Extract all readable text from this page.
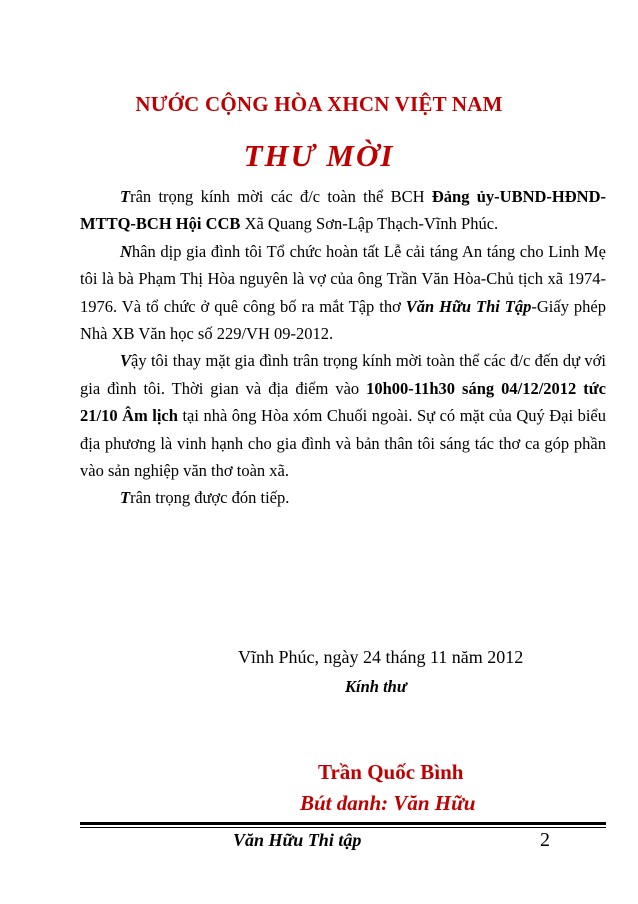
NƯỚC CỘNG HÒA XHCN VIỆT NAM
THƯ MỜI

Trân trọng kính mời các đ/c toàn thể BCH Đảng ủy-UBND-HĐND-MTTQ-BCH Hội CCB Xã Quang Sơn-Lập Thạch-Vĩnh Phúc.

Nhân dịp gia đình tôi Tổ chức hoàn tất Lễ cải táng An táng cho Linh Mẹ tôi là bà Phạm Thị Hòa nguyên là vợ của ông Trần Văn Hòa-Chủ tịch xã 1974-1976. Và tổ chức ở quê công bố ra mắt Tập thơ Văn Hữu Thi Tập-Giấy phép Nhà XB Văn học số 229/VH 09-2012.

Vậy tôi thay mặt gia đình trân trọng kính mời toàn thể các đ/c đến dự với gia đình tôi. Thời gian và địa điểm vào 10h00-11h30 sáng 04/12/2012 tức 21/10 Âm lịch tại nhà ông Hòa xóm Chuối ngoài. Sự có mặt của Quý Đại biểu địa phương là vinh hạnh cho gia đình và bản thân tôi sáng tác thơ ca góp phần vào sản nghiệp văn thơ toàn xã.

Trân trọng được đón tiếp.

Vĩnh Phúc, ngày 24 tháng 11 năm 2012
Kính thư
Trần Quốc Bình
Bút danh: Văn Hữu
Văn Hữu Thi tập	2
